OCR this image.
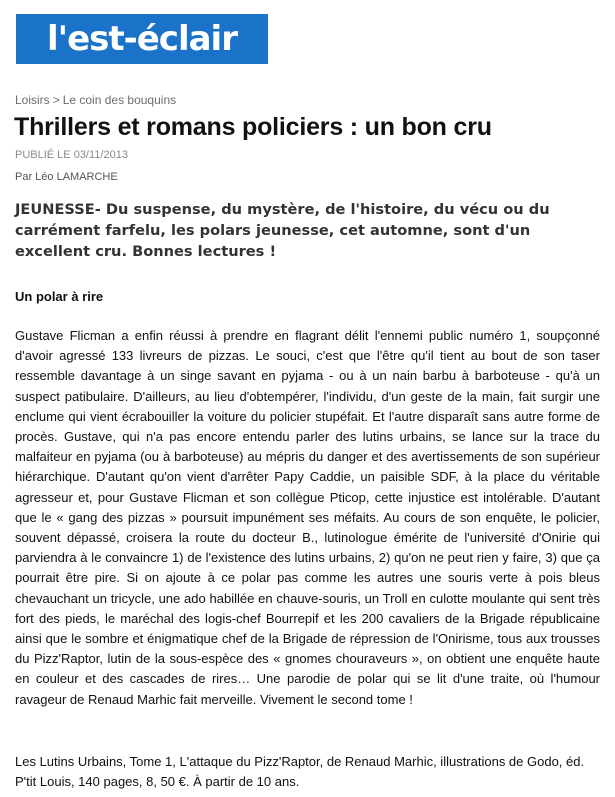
l'est-éclair
Loisirs > Le coin des bouquins
Thrillers et romans policiers : un bon cru
PUBLIÉ LE 03/11/2013
Par Léo LAMARCHE

JEUNESSE- Du suspense, du mystère, de l'histoire, du vécu ou du carrément farfelu, les polars jeunesse, cet automne, sont d'un excellent cru. Bonnes lectures !

Un polar à rire

Gustave Flicman a enfin réussi à prendre en flagrant délit l'ennemi public numéro 1, soupçonné d'avoir agressé 133 livreurs de pizzas. Le souci, c'est que l'être qu'il tient au bout de son taser ressemble davantage à un singe savant en pyjama - ou à un nain barbu à barboteuse - qu'à un suspect patibulaire. D'ailleurs, au lieu d'obtempérer, l'individu, d'un geste de la main, fait surgir une enclume qui vient écrabouiller la voiture du policier stupéfait. Et l'autre disparaît sans autre forme de procès. Gustave, qui n'a pas encore entendu parler des lutins urbains, se lance sur la trace du malfaiteur en pyjama (ou à barboteuse) au mépris du danger et des avertissements de son supérieur hiérarchique. D'autant qu'on vient d'arrêter Papy Caddie, un paisible SDF, à la place du véritable agresseur et, pour Gustave Flicman et son collègue Pticop, cette injustice est intolérable. D'autant que le « gang des pizzas » poursuit impunément ses méfaits. Au cours de son enquête, le policier, souvent dépassé, croisera la route du docteur B., lutinologue émérite de l'université d'Onirie qui parviendra à le convaincre 1) de l'existence des lutins urbains, 2) qu'on ne peut rien y faire, 3) que ça pourrait être pire. Si on ajoute à ce polar pas comme les autres une souris verte à pois bleus chevauchant un tricycle, une ado habillée en chauve-souris, un Troll en culotte moulante qui sent très fort des pieds, le maréchal des logis-chef Bourrepif et les 200 cavaliers de la Brigade républicaine ainsi que le sombre et énigmatique chef de la Brigade de répression de l'Onirisme, tous aux trousses du Pizz'Raptor, lutin de la sous-espèce des « gnomes chouraveurs », on obtient une enquête haute en couleur et des cascades de rires… Une parodie de polar qui se lit d'une traite, où l'humour ravageur de Renaud Marhic fait merveille. Vivement le second tome !

Les Lutins Urbains, Tome 1, L'attaque du Pizz'Raptor, de Renaud Marhic, illustrations de Godo, éd. P'tit Louis, 140 pages, 8, 50 €. À partir de 10 ans.
